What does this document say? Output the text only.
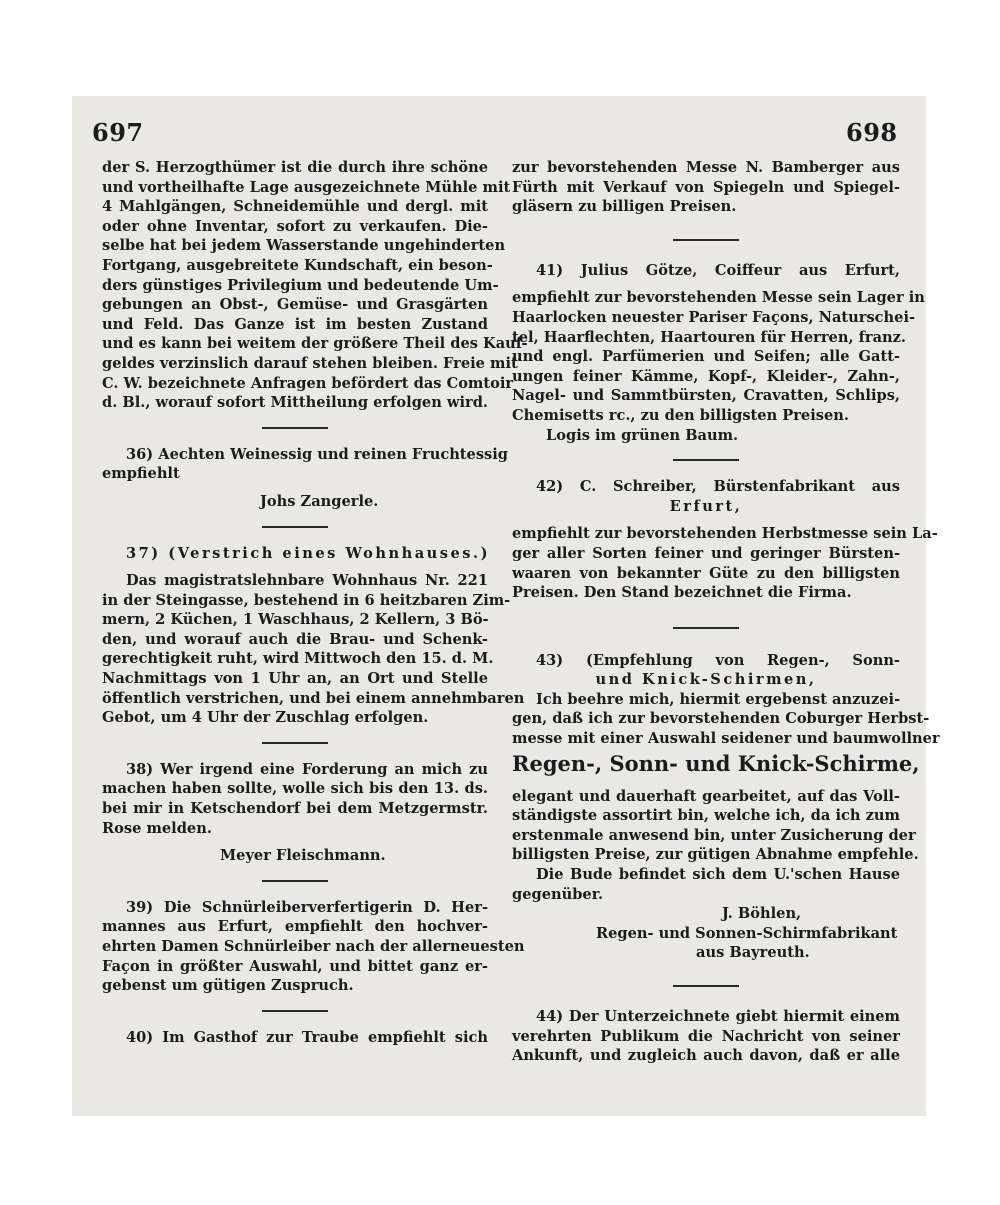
697	698
der S. Herzogthümer ist die durch ihre schöne
und vortheilhafte Lage ausgezeichnete Mühle mit
4 Mahlgängen, Schneidemühle und dergl. mit
oder ohne Inventar, sofort zu verkaufen. Die-
selbe hat bei jedem Wasserstande ungehinderten
Fortgang, ausgebreitete Kundschaft, ein beson-
ders günstiges Privilegium und bedeutende Um-
gebungen an Obst-, Gemüse- und Grasgärten
und Feld. Das Ganze ist im besten Zustand
und es kann bei weitem der größere Theil des Kauf-
geldes verzinslich darauf stehen bleiben. Freie mit
C. W. bezeichnete Anfragen befördert das Comtoir
d. Bl., worauf sofort Mittheilung erfolgen wird.
36) Aechten Weinessig und reinen Fruchtessig
empfiehlt
Johs Zangerle.
37) (Verstrich eines Wohnhauses.)
Das magistratslehnbare Wohnhaus Nr. 221
in der Steingasse, bestehend in 6 heitzbaren Zim-
mern, 2 Küchen, 1 Waschhaus, 2 Kellern, 3 Bö-
den, und worauf auch die Brau- und Schenk-
gerechtigkeit ruht, wird Mittwoch den 15. d. M.
Nachmittags von 1 Uhr an, an Ort und Stelle
öffentlich verstrichen, und bei einem annehmbaren
Gebot, um 4 Uhr der Zuschlag erfolgen.
38) Wer irgend eine Forderung an mich zu
machen haben sollte, wolle sich bis den 13. ds.
bei mir in Ketschendorf bei dem Metzgermstr.
Rose melden.
Meyer Fleischmann.
39) Die Schnürleiberverfertigerin D. Her-
mannes aus Erfurt, empfiehlt den hochver-
ehrten Damen Schnürleiber nach der allerneuesten
Façon in größter Auswahl, und bittet ganz er-
gebenst um gütigen Zuspruch.
40) Im Gasthof zur Traube empfiehlt sich
zur bevorstehenden Messe N. Bamberger aus
Fürth mit Verkauf von Spiegeln und Spiegel-
gläsern zu billigen Preisen.
41) Julius Götze, Coiffeur aus Erfurt,
empfiehlt zur bevorstehenden Messe sein Lager in
Haarlocken neuester Pariser Façons, Naturschei-
tel, Haarflechten, Haartouren für Herren, franz.
und engl. Parfümerien und Seifen; alle Gatt-
ungen feiner Kämme, Kopf-, Kleider-, Zahn-,
Nagel- und Sammtbürsten, Cravatten, Schlips,
Chemisetts rc., zu den billigsten Preisen.
Logis im grünen Baum.
42) C. Schreiber, Bürstenfabrikant aus
Erfurt,
empfiehlt zur bevorstehenden Herbstmesse sein La-
ger aller Sorten feiner und geringer Bürsten-
waaren von bekannter Güte zu den billigsten
Preisen. Den Stand bezeichnet die Firma.
43) (Empfehlung von Regen-, Sonn-
und Knick-Schirmen,
Ich beehre mich, hiermit ergebenst anzuzei-
gen, daß ich zur bevorstehenden Coburger Herbst-
messe mit einer Auswahl seidener und baumwollner
Regen-, Sonn- und Knick-Schirme,
elegant und dauerhaft gearbeitet, auf das Voll-
ständigste assortirt bin, welche ich, da ich zum
erstenmale anwesend bin, unter Zusicherung der
billigsten Preise, zur gütigen Abnahme empfehle.
Die Bude befindet sich dem U.'schen Hause
gegenüber.
J. Böhlen,
Regen- und Sonnen-Schirmfabrikant
aus Bayreuth.
44) Der Unterzeichnete giebt hiermit einem
verehrten Publikum die Nachricht von seiner
Ankunft, und zugleich auch davon, daß er alle
